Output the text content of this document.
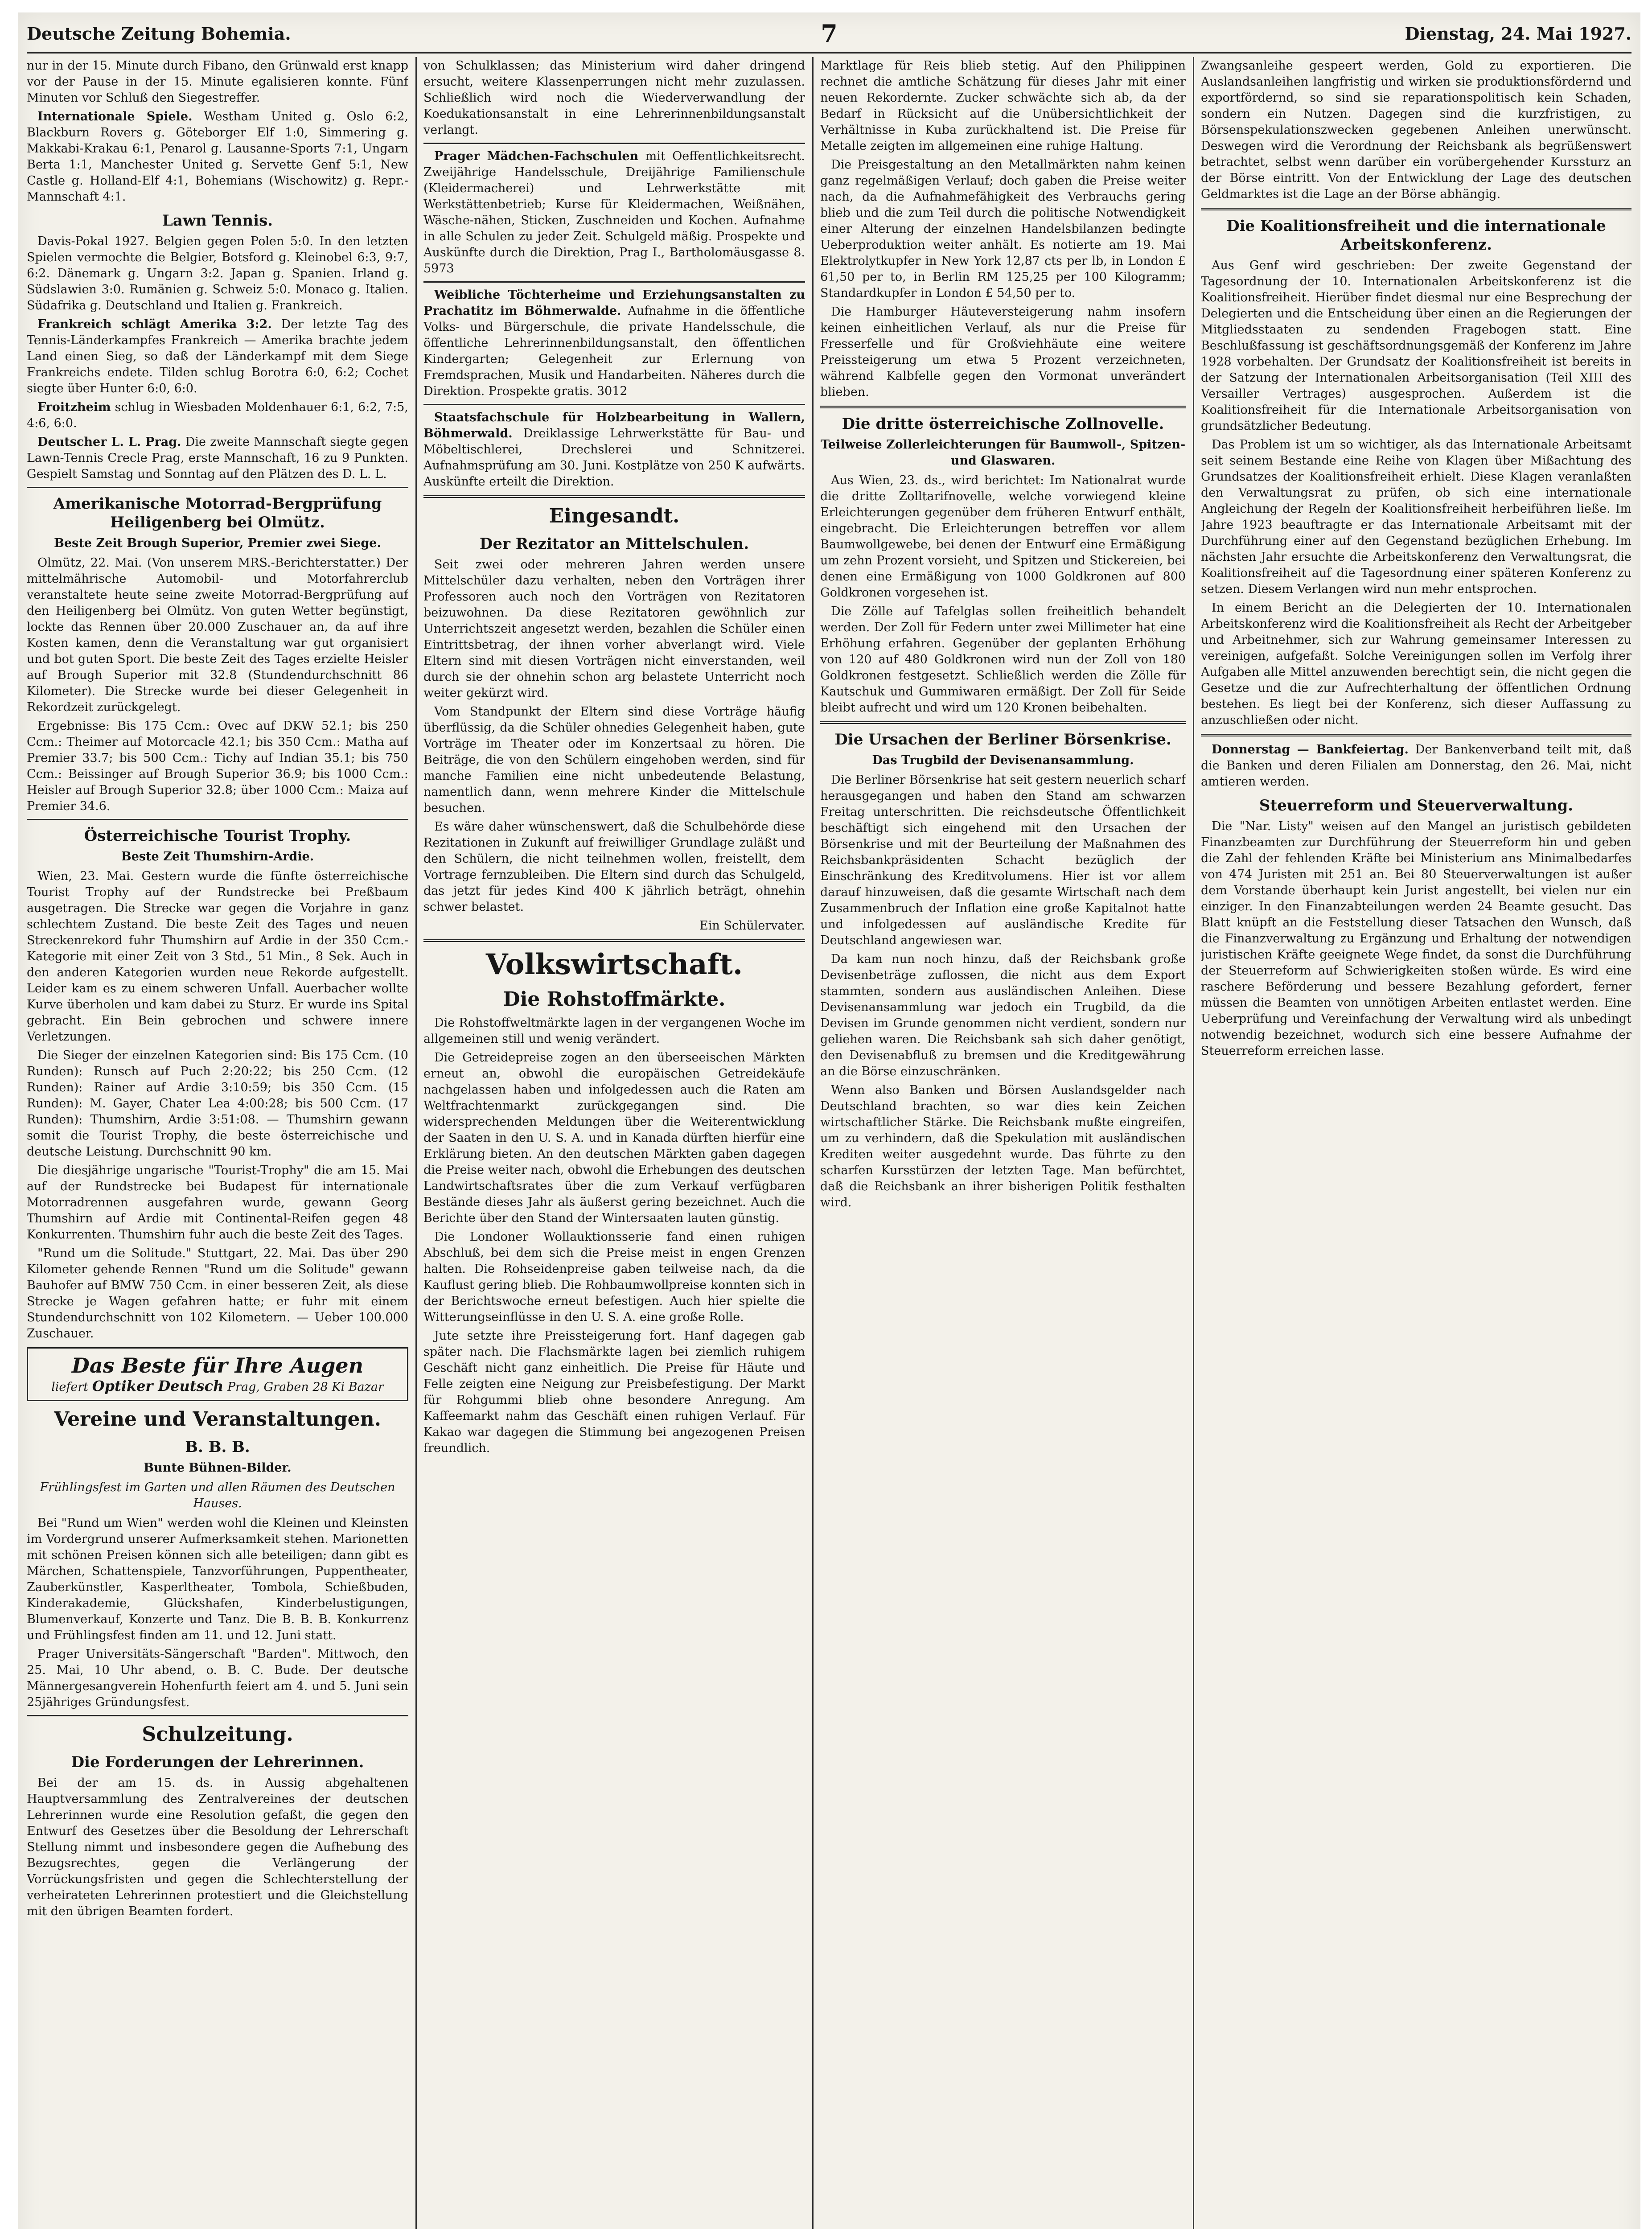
Deutsche Zeitung Bohemia.	7	Dienstag, 24. Mai 1927.

nur in der 15. Minute durch Fibano, den Grünwald erst knapp vor der Pause in der 15. Minute egalisieren konnte. Fünf Minuten vor Schluß den Siegestreffer.

Internationale Spiele. Westham United g. Oslo 6:2, Blackburn Rovers g. Göteborger Elf 1:0, Simmering g. Makkabi-Krakau 6:1, Penarol g. Lausanne-Sports 7:1, Ungarn Berta 1:1, Manchester United g. Servette Genf 5:1, New Castle g. Holland-Elf 4:1, Bohemians (Wischowitz) g. Repr.-Mannschaft 4:1.

Lawn Tennis.

Davis-Pokal 1927. Belgien gegen Polen 5:0. In den letzten Spielen vermochte die Belgier, Botsford g. Kleinobel 6:3, 9:7, 6:2. Dänemark g. Ungarn 3:2. Japan g. Spanien. Irland g. Südslawien 3:0. Rumänien g. Schweiz 5:0. Monaco g. Italien. Südafrika g. Deutschland und Italien g. Frankreich.

Frankreich schlägt Amerika 3:2. Der letzte Tag des Tennis-Länderkampfes Frankreich — Amerika brachte jedem Land einen Sieg, so daß der Länderkampf mit dem Siege Frankreichs endete. Tilden schlug Borotra 6:0, 6:2; Cochet siegte über Hunter 6:0, 6:0.

Froitzheim schlug in Wiesbaden Moldenhauer 6:1, 6:2, 7:5, 4:6, 6:0.

Deutscher L. L. Prag. Die zweite Mannschaft siegte gegen Lawn-Tennis Crecle Prag, erste Mannschaft, 16 zu 9 Punkten. Gespielt Samstag und Sonntag auf den Plätzen des D. L. L.

Amerikanische Motorrad-Bergprüfung Heiligenberg bei Olmütz.
Beste Zeit Brough Superior, Premier zwei Siege.

Olmütz, 22. Mai. (Von unserem MRS.-Berichterstatter.) Der mittelmährische Automobil- und Motorfahrerclub veranstaltete heute seine zweite Motorrad-Bergprüfung auf den Heiligenberg bei Olmütz. Von guten Wetter begünstigt, lockte das Rennen über 20.000 Zuschauer an, da auf ihre Kosten kamen, denn die Veranstaltung war gut organisiert und bot guten Sport. Die beste Zeit des Tages erzielte Heisler auf Brough Superior mit 32.8 (Stundendurchschnitt 86 Kilometer). Die Strecke wurde bei dieser Gelegenheit in Rekordzeit zurückgelegt.

Ergebnisse: Bis 175 Ccm.: Ovec auf DKW 52.1; bis 250 Ccm.: Theimer auf Motorcacle 42.1; bis 350 Ccm.: Matha auf Premier 33.7; bis 500 Ccm.: Tichy auf Indian 35.1; bis 750 Ccm.: Beissinger auf Brough Superior 36.9; bis 1000 Ccm.: Heisler auf Brough Superior 32.8; über 1000 Ccm.: Maiza auf Premier 34.6.

Österreichische Tourist Trophy.
Beste Zeit Thumshirn-Ardie.

Wien, 23. Mai. Gestern wurde die fünfte österreichische Tourist Trophy auf der Rundstrecke bei Preßbaum ausgetragen. Die Strecke war gegen die Vorjahre in ganz schlechtem Zustand. Die beste Zeit des Tages und neuen Streckenrekord fuhr Thumshirn auf Ardie in der 350 Ccm.-Kategorie mit einer Zeit von 3 Std., 51 Min., 8 Sek. Auch in den anderen Kategorien wurden neue Rekorde aufgestellt. Leider kam es zu einem schweren Unfall. Auerbacher wollte Kurve überholen und kam dabei zu Sturz. Er wurde ins Spital gebracht. Ein Bein gebrochen und schwere innere Verletzungen.

Die Sieger der einzelnen Kategorien sind: Bis 175 Ccm. (10 Runden): Runsch auf Puch 2:20:22; bis 250 Ccm. (12 Runden): Rainer auf Ardie 3:10:59; bis 350 Ccm. (15 Runden): M. Gayer, Chater Lea 4:00:28; bis 500 Ccm. (17 Runden): Thumshirn, Ardie 3:51:08. — Thumshirn gewann somit die Tourist Trophy, die beste österreichische und deutsche Leistung. Durchschnitt 90 km.

Die diesjährige ungarische "Tourist-Trophy" die am 15. Mai auf der Rundstrecke bei Budapest für internationale Motorradrennen ausgefahren wurde, gewann Georg Thumshirn auf Ardie mit Continental-Reifen gegen 48 Konkurrenten. Thumshirn fuhr auch die beste Zeit des Tages.

"Rund um die Solitude." Stuttgart, 22. Mai. Das über 290 Kilometer gehende Rennen "Rund um die Solitude" gewann Bauhofer auf BMW 750 Ccm. in einer besseren Zeit, als diese Strecke je Wagen gefahren hatte; er fuhr mit einem Stundendurchschnitt von 102 Kilometern. — Ueber 100.000 Zuschauer.

Das Beste für Ihre Augen
liefert Optiker Deutsch Prag, Graben 28 Ki Bazar
Vereine und Veranstaltungen.
B. B. B.
Bunte Bühnen-Bilder.
Frühlingsfest im Garten und allen Räumen des Deutschen Hauses.

Bei "Rund um Wien" werden wohl die Kleinen und Kleinsten im Vordergrund unserer Aufmerksamkeit stehen. Marionetten mit schönen Preisen können sich alle beteiligen; dann gibt es Märchen, Schattenspiele, Tanzvorführungen, Puppentheater, Zauberkünstler, Kasperltheater, Tombola, Schießbuden, Kinderakademie, Glückshafen, Kinderbelustigungen, Blumenverkauf, Konzerte und Tanz. Die B. B. B. Konkurrenz und Frühlingsfest finden am 11. und 12. Juni statt.

Prager Universitäts-Sängerschaft "Barden". Mittwoch, den 25. Mai, 10 Uhr abend, o. B. C. Bude. Der deutsche Männergesangverein Hohenfurth feiert am 4. und 5. Juni sein 25jähriges Gründungsfest.

Schulzeitung.
Die Forderungen der Lehrerinnen.

Bei der am 15. ds. in Aussig abgehaltenen Hauptversammlung des Zentralvereines der deutschen Lehrerinnen wurde eine Resolution gefaßt, die gegen den Entwurf des Gesetzes über die Besoldung der Lehrerschaft Stellung nimmt und insbesondere gegen die Aufhebung des Bezugsrechtes, gegen die Verlängerung der Vorrückungsfristen und gegen die Schlechterstellung der verheirateten Lehrerinnen protestiert und die Gleichstellung mit den übrigen Beamten fordert.

von Schulklassen; das Ministerium wird daher dringend ersucht, weitere Klassenperrungen nicht mehr zuzulassen. Schließlich wird noch die Wiederverwandlung der Koedukationsanstalt in eine Lehrerinnenbildungsanstalt verlangt.

Prager Mädchen-Fachschulen mit Oeffentlichkeitsrecht. Zweijährige Handelsschule, Dreijährige Familienschule (Kleidermacherei) und Lehrwerkstätte mit Werkstättenbetrieb; Kurse für Kleidermachen, Weißnähen, Wäsche-nähen, Sticken, Zuschneiden und Kochen. Aufnahme in alle Schulen zu jeder Zeit. Schulgeld mäßig. Prospekte und Auskünfte durch die Direktion, Prag I., Bartholomäusgasse 8. 5973

Weibliche Töchterheime und Erziehungsanstalten zu Prachatitz im Böhmerwalde. Aufnahme in die öffentliche Volks- und Bürgerschule, die private Handelsschule, die öffentliche Lehrerinnenbildungsanstalt, den öffentlichen Kindergarten; Gelegenheit zur Erlernung von Fremdsprachen, Musik und Handarbeiten. Näheres durch die Direktion. Prospekte gratis. 3012

Staatsfachschule für Holzbearbeitung in Wallern, Böhmerwald. Dreiklassige Lehrwerkstätte für Bau- und Möbeltischlerei, Drechslerei und Schnitzerei. Aufnahmsprüfung am 30. Juni. Kostplätze von 250 K aufwärts. Auskünfte erteilt die Direktion.

Eingesandt.
Der Rezitator an Mittelschulen.

Seit zwei oder mehreren Jahren werden unsere Mittelschüler dazu verhalten, neben den Vorträgen ihrer Professoren auch noch den Vorträgen von Rezitatoren beizuwohnen. Da diese Rezitatoren gewöhnlich zur Unterrichtszeit angesetzt werden, bezahlen die Schüler einen Eintrittsbetrag, der ihnen vorher abverlangt wird. Viele Eltern sind mit diesen Vorträgen nicht einverstanden, weil durch sie der ohnehin schon arg belastete Unterricht noch weiter gekürzt wird.

Vom Standpunkt der Eltern sind diese Vorträge häufig überflüssig, da die Schüler ohnedies Gelegenheit haben, gute Vorträge im Theater oder im Konzertsaal zu hören. Die Beiträge, die von den Schülern eingehoben werden, sind für manche Familien eine nicht unbedeutende Belastung, namentlich dann, wenn mehrere Kinder die Mittelschule besuchen.

Es wäre daher wünschenswert, daß die Schulbehörde diese Rezitationen in Zukunft auf freiwilliger Grundlage zuläßt und den Schülern, die nicht teilnehmen wollen, freistellt, dem Vortrage fernzubleiben. Die Eltern sind durch das Schulgeld, das jetzt für jedes Kind 400 K jährlich beträgt, ohnehin schwer belastet.

Ein Schülervater.

Volkswirtschaft.
Die Rohstoffmärkte.

Die Rohstoffweltmärkte lagen in der vergangenen Woche im allgemeinen still und wenig verändert.

Die Getreidepreise zogen an den überseeischen Märkten erneut an, obwohl die europäischen Getreidekäufe nachgelassen haben und infolgedessen auch die Raten am Weltfrachtenmarkt zurückgegangen sind. Die widersprechenden Meldungen über die Weiterentwicklung der Saaten in den U. S. A. und in Kanada dürften hierfür eine Erklärung bieten. An den deutschen Märkten gaben dagegen die Preise weiter nach, obwohl die Erhebungen des deutschen Landwirtschaftsrates über die zum Verkauf verfügbaren Bestände dieses Jahr als äußerst gering bezeichnet. Auch die Berichte über den Stand der Wintersaaten lauten günstig.

Die Londoner Wollauktionsserie fand einen ruhigen Abschluß, bei dem sich die Preise meist in engen Grenzen halten. Die Rohseidenpreise gaben teilweise nach, da die Kauflust gering blieb. Die Rohbaumwollpreise konnten sich in der Berichtswoche erneut befestigen. Auch hier spielte die Witterungseinflüsse in den U. S. A. eine große Rolle.

Jute setzte ihre Preissteigerung fort. Hanf dagegen gab später nach. Die Flachsmärkte lagen bei ziemlich ruhigem Geschäft nicht ganz einheitlich. Die Preise für Häute und Felle zeigten eine Neigung zur Preisbefestigung. Der Markt für Rohgummi blieb ohne besondere Anregung. Am Kaffeemarkt nahm das Geschäft einen ruhigen Verlauf. Für Kakao war dagegen die Stimmung bei angezogenen Preisen freundlich.

Marktlage für Reis blieb stetig. Auf den Philippinen rechnet die amtliche Schätzung für dieses Jahr mit einer neuen Rekordernte. Zucker schwächte sich ab, da der Bedarf in Rücksicht auf die Unübersichtlichkeit der Verhältnisse in Kuba zurückhaltend ist. Die Preise für Metalle zeigten im allgemeinen eine ruhige Haltung.

Die Preisgestaltung an den Metallmärkten nahm keinen ganz regelmäßigen Verlauf; doch gaben die Preise weiter nach, da die Aufnahmefähigkeit des Verbrauchs gering blieb und die zum Teil durch die politische Notwendigkeit einer Alterung der einzelnen Handelsbilanzen bedingte Ueberproduktion weiter anhält. Es notierte am 19. Mai Elektrolytkupfer in New York 12,87 cts per lb, in London £ 61,50 per to, in Berlin RM 125,25 per 100 Kilogramm; Standardkupfer in London £ 54,50 per to.

Die Hamburger Häuteversteigerung nahm insofern keinen einheitlichen Verlauf, als nur die Preise für Fresserfelle und für Großviehhäute eine weitere Preissteigerung um etwa 5 Prozent verzeichneten, während Kalbfelle gegen den Vormonat unverändert blieben.

Die dritte österreichische Zollnovelle.
Teilweise Zollerleichterungen für Baumwoll-, Spitzen- und Glaswaren.

Aus Wien, 23. ds., wird berichtet: Im Nationalrat wurde die dritte Zolltarifnovelle, welche vorwiegend kleine Erleichterungen gegenüber dem früheren Entwurf enthält, eingebracht. Die Erleichterungen betreffen vor allem Baumwollgewebe, bei denen der Entwurf eine Ermäßigung um zehn Prozent vorsieht, und Spitzen und Stickereien, bei denen eine Ermäßigung von 1000 Goldkronen auf 800 Goldkronen vorgesehen ist.

Die Zölle auf Tafelglas sollen freiheitlich behandelt werden. Der Zoll für Federn unter zwei Millimeter hat eine Erhöhung erfahren. Gegenüber der geplanten Erhöhung von 120 auf 480 Goldkronen wird nun der Zoll von 180 Goldkronen festgesetzt. Schließlich werden die Zölle für Kautschuk und Gummiwaren ermäßigt. Der Zoll für Seide bleibt aufrecht und wird um 120 Kronen beibehalten.

Die Ursachen der Berliner Börsenkrise.
Das Trugbild der Devisenansammlung.

Die Berliner Börsenkrise hat seit gestern neuerlich scharf herausgegangen und haben den Stand am schwarzen Freitag unterschritten. Die reichsdeutsche Öffentlichkeit beschäftigt sich eingehend mit den Ursachen der Börsenkrise und mit der Beurteilung der Maßnahmen des Reichsbankpräsidenten Schacht bezüglich der Einschränkung des Kreditvolumens. Hier ist vor allem darauf hinzuweisen, daß die gesamte Wirtschaft nach dem Zusammenbruch der Inflation eine große Kapitalnot hatte und infolgedessen auf ausländische Kredite für Deutschland angewiesen war.

Da kam nun noch hinzu, daß der Reichsbank große Devisenbeträge zuflossen, die nicht aus dem Export stammten, sondern aus ausländischen Anleihen. Diese Devisenansammlung war jedoch ein Trugbild, da die Devisen im Grunde genommen nicht verdient, sondern nur geliehen waren. Die Reichsbank sah sich daher genötigt, den Devisenabfluß zu bremsen und die Kreditgewährung an die Börse einzuschränken.

Wenn also Banken und Börsen Auslandsgelder nach Deutschland brachten, so war dies kein Zeichen wirtschaftlicher Stärke. Die Reichsbank mußte eingreifen, um zu verhindern, daß die Spekulation mit ausländischen Krediten weiter ausgedehnt wurde. Das führte zu den scharfen Kursstürzen der letzten Tage. Man befürchtet, daß die Reichsbank an ihrer bisherigen Politik festhalten wird.

Zwangsanleihe gespeert werden, Gold zu exportieren. Die Auslandsanleihen langfristig und wirken sie produktionsfördernd und exportfördernd, so sind sie reparationspolitisch kein Schaden, sondern ein Nutzen. Dagegen sind die kurzfristigen, zu Börsenspekulationszwecken gegebenen Anleihen unerwünscht. Deswegen wird die Verordnung der Reichsbank als begrüßenswert betrachtet, selbst wenn darüber ein vorübergehender Kurssturz an der Börse eintritt. Von der Entwicklung der Lage des deutschen Geldmarktes ist die Lage an der Börse abhängig.

Die Koalitionsfreiheit und die internationale Arbeitskonferenz.

Aus Genf wird geschrieben: Der zweite Gegenstand der Tagesordnung der 10. Internationalen Arbeitskonferenz ist die Koalitionsfreiheit. Hierüber findet diesmal nur eine Besprechung der Delegierten und die Entscheidung über einen an die Regierungen der Mitgliedsstaaten zu sendenden Fragebogen statt. Eine Beschlußfassung ist geschäftsordnungsgemäß der Konferenz im Jahre 1928 vorbehalten. Der Grundsatz der Koalitionsfreiheit ist bereits in der Satzung der Internationalen Arbeitsorganisation (Teil XIII des Versailler Vertrages) ausgesprochen. Außerdem ist die Koalitionsfreiheit für die Internationale Arbeitsorganisation von grundsätzlicher Bedeutung.

Das Problem ist um so wichtiger, als das Internationale Arbeitsamt seit seinem Bestande eine Reihe von Klagen über Mißachtung des Grundsatzes der Koalitionsfreiheit erhielt. Diese Klagen veranlaßten den Verwaltungsrat zu prüfen, ob sich eine internationale Angleichung der Regeln der Koalitionsfreiheit herbeiführen ließe. Im Jahre 1923 beauftragte er das Internationale Arbeitsamt mit der Durchführung einer auf den Gegenstand bezüglichen Erhebung. Im nächsten Jahr ersuchte die Arbeitskonferenz den Verwaltungsrat, die Koalitionsfreiheit auf die Tagesordnung einer späteren Konferenz zu setzen. Diesem Verlangen wird nun mehr entsprochen.

In einem Bericht an die Delegierten der 10. Internationalen Arbeitskonferenz wird die Koalitionsfreiheit als Recht der Arbeitgeber und Arbeitnehmer, sich zur Wahrung gemeinsamer Interessen zu vereinigen, aufgefaßt. Solche Vereinigungen sollen im Verfolg ihrer Aufgaben alle Mittel anzuwenden berechtigt sein, die nicht gegen die Gesetze und die zur Aufrechterhaltung der öffentlichen Ordnung bestehen. Es liegt bei der Konferenz, sich dieser Auffassung zu anzuschließen oder nicht.

Donnerstag — Bankfeiertag. Der Bankenverband teilt mit, daß die Banken und deren Filialen am Donnerstag, den 26. Mai, nicht amtieren werden.

Steuerreform und Steuerverwaltung.

Die "Nar. Listy" weisen auf den Mangel an juristisch gebildeten Finanzbeamten zur Durchführung der Steuerreform hin und geben die Zahl der fehlenden Kräfte bei Ministerium ans Minimalbedarfes von 474 Juristen mit 251 an. Bei 80 Steuerverwaltungen ist außer dem Vorstande überhaupt kein Jurist angestellt, bei vielen nur ein einziger. In den Finanzabteilungen werden 24 Beamte gesucht. Das Blatt knüpft an die Feststellung dieser Tatsachen den Wunsch, daß die Finanzverwaltung zu Ergänzung und Erhaltung der notwendigen juristischen Kräfte geeignete Wege findet, da sonst die Durchführung der Steuerreform auf Schwierigkeiten stoßen würde. Es wird eine raschere Beförderung und bessere Bezahlung gefordert, ferner müssen die Beamten von unnötigen Arbeiten entlastet werden. Eine Ueberprüfung und Vereinfachung der Verwaltung wird als unbedingt notwendig bezeichnet, wodurch sich eine bessere Aufnahme der Steuerreform erreichen lasse.
